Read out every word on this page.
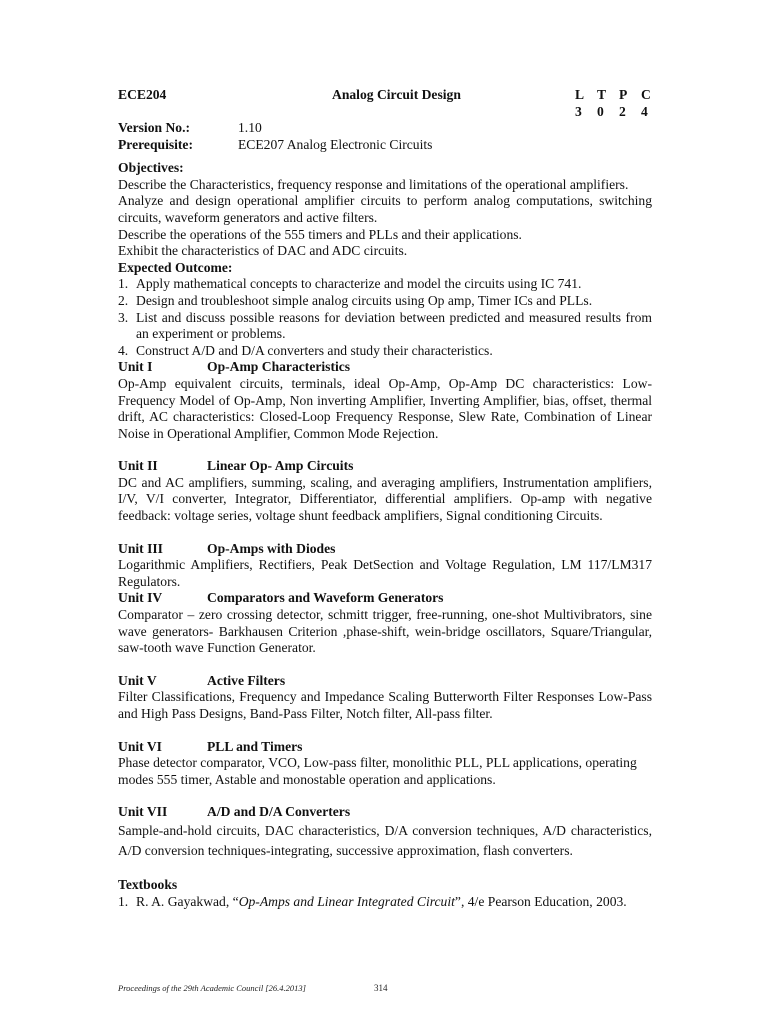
ECE204	Analog Circuit Design	L T P C
3 0 2 4
Version No.:	1.10
Prerequisite:	ECE207 Analog Electronic Circuits
Objectives:

Describe the Characteristics, frequency response and limitations of the operational amplifiers.

Analyze and design operational amplifier circuits to perform analog computations, switching circuits, waveform generators and active filters.

Describe the operations of the 555 timers and PLLs and their applications.

Exhibit the characteristics of DAC and ADC circuits.

Expected Outcome:
1. Apply mathematical concepts to characterize and model the circuits using IC 741.
2. Design and troubleshoot simple analog circuits using Op amp, Timer ICs and PLLs.
3. List and discuss possible reasons for deviation between predicted and measured results from an experiment or problems.
4. Construct A/D and D/A converters and study their characteristics.
Unit I	Op-Amp Characteristics

Op-Amp equivalent circuits, terminals, ideal Op-Amp, Op-Amp DC characteristics: Low-Frequency Model of Op-Amp, Non inverting Amplifier, Inverting Amplifier, bias, offset, thermal drift, AC characteristics: Closed-Loop Frequency Response, Slew Rate, Combination of Linear Noise in Operational Amplifier, Common Mode Rejection.

Unit II	Linear Op- Amp Circuits

DC and AC amplifiers, summing, scaling, and averaging amplifiers, Instrumentation amplifiers, I/V, V/I converter, Integrator, Differentiator, differential amplifiers. Op-amp with negative feedback: voltage series, voltage shunt feedback amplifiers, Signal conditioning Circuits.

Unit III	Op-Amps with Diodes

Logarithmic Amplifiers, Rectifiers, Peak DetSection and Voltage Regulation, LM 117/LM317 Regulators.

Unit IV	Comparators and Waveform Generators

Comparator – zero crossing detector, schmitt trigger, free-running, one-shot Multivibrators, sine wave generators- Barkhausen Criterion ,phase-shift, wein-bridge oscillators, Square/Triangular, saw-tooth wave Function Generator.

Unit V	Active Filters

Filter Classifications, Frequency and Impedance Scaling Butterworth Filter Responses Low-Pass and High Pass Designs, Band-Pass Filter, Notch filter, All-pass filter.

Unit VI	PLL and Timers

Phase detector comparator, VCO, Low-pass filter, monolithic PLL, PLL applications, operating modes 555 timer, Astable and monostable operation and applications.

Unit VII	A/D and D/A Converters

Sample-and-hold circuits, DAC characteristics, D/A conversion techniques, A/D characteristics, A/D conversion techniques-integrating, successive approximation, flash converters.

Textbooks
1. R. A. Gayakwad, “Op-Amps and Linear Integrated Circuit”, 4/e Pearson Education, 2003.
Proceedings of the 29th Academic Council [26.4.2013]	314
